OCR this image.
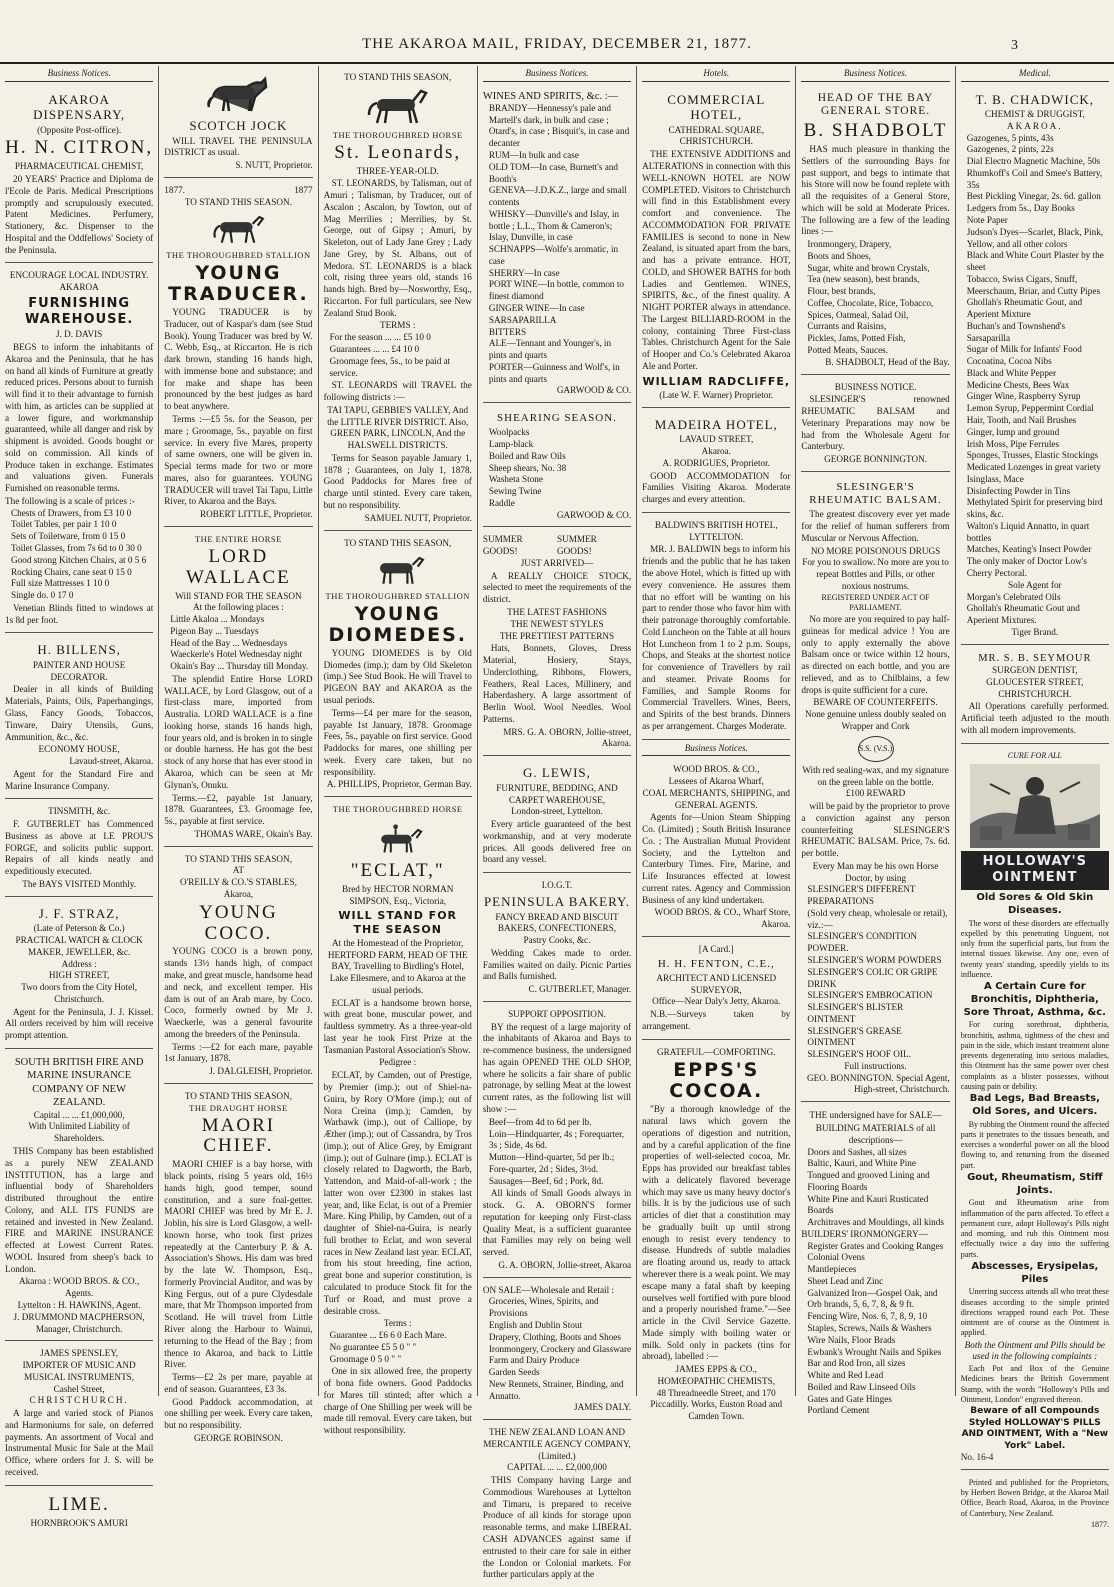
THE AKAROA MAIL, FRIDAY, DECEMBER 21, 1877.	3
Business Notices.
AKAROA DISPENSARY,
(Opposite Post-office).
H. N. CITRON,
PHARMACEUTICAL CHEMIST,

20 YEARS' Practice and Diploma de l'Ecole de Paris. Medical Prescriptions promptly and scrupulously executed. Patent Medicines. Perfumery, Stationery, &c. Dispenser to the Hospital and the Oddfellows' Society of the Peninsula.

ENCOURAGE LOCAL INDUSTRY.
AKAROA
FURNISHING WAREHOUSE.
J. D. DAVIS

BEGS to inform the inhabitants of Akaroa and the Peninsula, that he has on hand all kinds of Furniture at greatly reduced prices. Persons about to furnish will find it to their advantage to furnish with him, as articles can be supplied at a lower figure, and workmanship guaranteed, while all danger and risk by shipment is avoided. Goods bought or sold on commission. All kinds of Produce taken in exchange. Estimates and valuations given. Funerals Furnished on reasonable terms.

The following is a scale of prices :-

Chests of Drawers, from £3 10 0
Toilet Tables, per pair 1 10 0
Sets of Toiletware, from 0 15 0
Toilet Glasses, from 7s 6d to 0 30 0
Good strong Kitchen Chairs, at 0 5 6
Rocking Chairs, cane seat 0 15 0
Full size Mattresses 1 10 0
Single do. 0 17 0

Venetian Blinds fitted to windows at 1s 8d per foot.

H. BILLENS,
PAINTER AND HOUSE DECORATOR.

Dealer in all kinds of Building Materials, Paints, Oils, Paperhangings, Glass, Fancy Goods, Tobaccos, Tinware, Dairy Utensils, Guns, Ammunition, &c., &c.

ECONOMY HOUSE,
Lavaud-street, Akaroa.

Agent for the Standard Fire and Marine Insurance Company.

TINSMITH, &c.

F. GUTBERLET has Commenced Business as above at LE PROU'S FORGE, and solicits public support. Repairs of all kinds neatly and expeditiously executed.

The BAYS VISITED Monthly.
J. F. STRAZ,
(Late of Peterson & Co.)
PRACTICAL WATCH & CLOCK MAKER, JEWELLER, &c.
Address :
HIGH STREET,
Two doors from the City Hotel, Christchurch.

Agent for the Peninsula, J. J. Kissel. All orders received by him will receive prompt attention.

SOUTH BRITISH FIRE AND MARINE INSURANCE COMPANY OF NEW ZEALAND.
Capital ... ... £1,000,000,
With Unlimited Liability of Shareholders.

THIS Company has been established as a purely NEW ZEALAND INSTITUTION, has a large and influential body of Shareholders distributed throughout the entire Colony, and ALL ITS FUNDS are retained and invested in New Zealand. FIRE and MARINE INSURANCE effected at Lowest Current Rates. WOOL Insured from sheep's back to London.

Akaroa : WOOD BROS. & CO., Agents.
Lyttelton : H. HAWKINS, Agent.
J. DRUMMOND MACPHERSON, Manager, Christchurch.
JAMES SPENSLEY,
IMPORTER OF MUSIC AND MUSICAL INSTRUMENTS,
Cashel Street,
CHRISTCHURCH.

A large and varied stock of Pianos and Harmoniums for sale, on deferred payments. An assortment of Vocal and Instrumental Music for Sale at the Mail Office, where orders for J. S. will be received.

LIME.
HORNBROOK'S AMURI
SCOTCH JOCK

WILL TRAVEL THE PENINSULA DISTRICT as usual.

S. NUTT, Proprietor.
1877.	1877
TO STAND THIS SEASON.
THE THOROUGHBRED STALLION
YOUNG TRADUCER.

YOUNG TRADUCER is by Traducer, out of Kaspar's dam (see Stud Book). Young Traducer was bred by W. C. Webb, Esq., at Riccarton. He is rich dark brown, standing 16 hands high, with immense bone and substance; and for make and shape has been pronounced by the best judges as hard to beat anywhere.

Terms :—£5 5s. for the Season, per mare ; Groomage, 5s., payable on first service. In every five Mares, property of same owners, one will be given in. Special terms made for two or more mares, also for guarantees. YOUNG TRADUCER will travel Tai Tapu, Little River, to Akaroa and the Bays.

ROBERT LITTLE, Proprietor.
THE ENTIRE HORSE
LORD WALLACE
Will STAND FOR THE SEASON
At the following places :
Little Akaloa ... Mondays
Pigeon Bay ... Tuesdays
Head of the Bay ... Wednesdays
Waeckerle's Hotel Wednesday night
Okain's Bay ... Thursday till Monday.

The splendid Entire Horse LORD WALLACE, by Lord Glasgow, out of a first-class mare, imported from Australia. LORD WALLACE is a fine looking horse, stands 16 hands high, four years old, and is broken in to single or double harness. He has got the best stock of any horse that has ever stood in Akaroa, which can be seen at Mr Glynan's, Onuku.

Terms.—£2, payable 1st January, 1878. Guarantees, £3. Groomage fee, 5s., payable at first service.

THOMAS WARE, Okain's Bay.
TO STAND THIS SEASON,
AT
O'REILLY & CO.'S STABLES,
Akaroa,
YOUNG COCO.

YOUNG COCO is a brown pony, stands 13½ hands high, of compact make, and great muscle, handsome head and neck, and excellent temper. His dam is out of an Arab mare, by Coco. Coco, formerly owned by Mr J. Waeckerle, was a general favourite among the breeders of the Peninsula.

Terms :—£2 for each mare, payable 1st January, 1878.

J. DALGLEISH, Proprietor.
TO STAND THIS SEASON,
THE DRAUGHT HORSE
MAORI CHIEF.

MAORI CHIEF is a bay horse, with black points, rising 5 years old, 16½ hands high, good temper, sound constitution, and a sure foal-getter. MAORI CHIEF was bred by Mr E. J. Joblin, his sire is Lord Glasgow, a well-known horse, who took first prizes repeatedly at the Canterbury P. & A. Association's Shows. His dam was bred by the late W. Thompson, Esq., formerly Provincial Auditor, and was by King Fergus, out of a pure Clydesdale mare, that Mr Thompson imported from Scotland. He will travel from Little River along the Harbour to Wainui, returning to the Head of the Bay ; from thence to Akaroa, and back to Little River.

Terms—£2 2s per mare, payable at end of season. Guarantees, £3 3s.

Good Paddock accommodation, at one shilling per week. Every care taken, but no responsibility.

GEORGE ROBINSON.
TO STAND THIS SEASON,
THE THOROUGHBRED HORSE
St. Leonards,
THREE-YEAR-OLD.

ST. LEONARDS, by Talisman, out of Amuri ; Talisman, by Traducer, out of Ascalon ; Ascalon, by Towton, out of Mag Merrilies ; Merrilies, by St. George, out of Gipsy ; Amuri, by Skeleton, out of Lady Jane Grey ; Lady Jane Grey, by St. Albans, out of Medora. ST. LEONARDS is a black colt, rising three years old, stands 16 hands high. Bred by—Nosworthy, Esq., Riccarton. For full particulars, see New Zealand Stud Book.

TERMS :
For the season ... ... £5 10 0
Guarantees ... ... £4 10 0
Groomage fees, 5s., to be paid at service.

ST. LEONARDS will TRAVEL the following districts :—

TAI TAPU, GEBBIE'S VALLEY, And the LITTLE RIVER DISTRICT. Also, GREEN PARK, LINCOLN, And the HALSWELL DISTRICTS.

Terms for Season payable January 1, 1878 ; Guarantees, on July 1, 1878. Good Paddocks for Mares free of charge until stinted. Every care taken, but no responsibility.

SAMUEL NUTT, Proprietor.
TO STAND THIS SEASON,
THE THOROUGHBRED STALLION
YOUNG DIOMEDES.

YOUNG DIOMEDES is by Old Diomedes (imp.); dam by Old Skeleton (imp.) See Stud Book. He will Travel to PIGEON BAY and AKAROA as the usual periods.

Terms—£4 per mare for the season, payable 1st January, 1878. Groomage Fees, 5s., payable on first service. Good Paddocks for mares, one shilling per week. Every care taken, but no responsibility.

A. PHILLIPS, Proprietor, German Bay.
THE THOROUGHBRED HORSE
"ECLAT,"
Bred by HECTOR NORMAN SIMPSON, Esq., Victoria,
WILL STAND FOR THE SEASON
At the Homestead of the Proprietor, HERTFORD FARM, HEAD OF THE BAY, Travelling to Birdling's Hotel, Lake Ellesmere, and to Akaroa at the usual periods.

ECLAT is a handsome brown horse, with great bone, muscular power, and faultless symmetry. As a three-year-old last year he took First Prize at the Tasmanian Pastoral Association's Show.

Pedigree :

ECLAT, by Camden, out of Prestige, by Premier (imp.); out of Shiel-na-Guira, by Rory O'More (imp.); out of Nora Creina (imp.); Camden, by Warhawk (imp.), out of Calliope, by Æther (imp.); out of Cassandra, by Tros (imp.); out of Alice Grey, by Emigrant (imp.); out of Gulnare (imp.). ECLAT is closely related to Dagworth, the Barb, Yattendon, and Maid-of-all-work ; the latter won over £2300 in stakes last year, and, like Eclat, is out of a Premier Mare. King Philip, by Camden, out of a daughter of Shiel-na-Guira, is nearly full brother to Eclat, and won several races in New Zealand last year. ECLAT, from his stout breeding, fine action, great bone and superior constitution, is calculated to produce Stock fit for the Turf or Road, and must prove a desirable cross.

Terms :
Guarantee ... £6 6 0 Each Mare.
No guarantee £5 5 0 " "
Groomage 0 5 0 " "

One in six allowed free, the property of bona fide owners. Good Paddocks for Mares till stinted; after which a charge of One Shilling per week will be made till removal. Every care taken, but without responsibility.

Business Notices.
WINES AND SPIRITS, &c. :—
BRANDY—Hennessy's pale and Martell's dark, in bulk and case ; Otard's, in case ; Bisquit's, in case and decanter
RUM—In bulk and case
OLD TOM—In case, Burnett's and Booth's
GENEVA—J.D.K.Z., large and small contents
WHISKY—Dunville's and Islay, in bottle ; L.L., Thom & Cameron's; Islay, Dunville, in case
SCHNAPPS—Wolfe's aromatic, in case
SHERRY—In case
PORT WINE—In bottle, common to finest diamond
GINGER WINE—In case
SARSAPARILLA
BITTERS
ALE—Tennant and Younger's, in pints and quarts
PORTER—Guinness and Wolf's, in pints and quarts
GARWOOD & CO.
SHEARING SEASON.
Woolpacks
Lamp-black
Boiled and Raw Oils
Sheep shears, No. 38
Washeta Stone
Sewing Twine
Raddle
GARWOOD & CO.
SUMMER GOODS!
SUMMER GOODS!
JUST ARRIVED—

A REALLY CHOICE STOCK, selected to meet the requirements of the district.

THE LATEST FASHIONS
THE NEWEST STYLES
THE PRETTIEST PATTERNS

Hats, Bonnets, Gloves, Dress Material, Hosiery, Stays, Underclothing, Ribbons, Flowers, Feathers, Real Laces, Millinery, and Haberdashery. A large assortment of Berlin Wool. Wool Needles. Wool Patterns.

MRS. G. A. OBORN, Jollie-street, Akaroa.
G. LEWIS,
FURNITURE, BEDDING, AND CARPET WAREHOUSE,
London-street, Lyttelton.

Every article guaranteed of the best workmanship, and at very moderate prices. All goods delivered free on board any vessel.

I.O.G.T.
PENINSULA BAKERY.
FANCY BREAD AND BISCUIT BAKERS, CONFECTIONERS,
Pastry Cooks, &c.

Wedding Cakes made to order. Families waited on daily. Picnic Parties and Balls furnished.

C. GUTBERLET, Manager.
SUPPORT OPPOSITION.

BY the request of a large majority of the inhabitants of Akaroa and Bays to re-commence business, the undersigned has again OPENED THE OLD SHOP, where he solicits a fair share of public patronage, by selling Meat at the lowest current rates, as the following list will show :—

Beef—from 4d to 6d per lb.
Loin—Hindquarter, 4s ; Forequarter, 3s ; Side, 4s 6d.
Mutton—Hind-quarter, 5d per lb.; Fore-quarter, 2d ; Sides, 3½d.
Sausages—Beef, 6d ; Pork, 8d.

All kinds of Small Goods always in stock. G. A. OBORN'S former reputation for keeping only First-class Quality Meat, is a sufficient guarantee that Families may rely on being well served.

G. A. OBORN, Jollie-street, Akaroa
ON SALE—Wholesale and Retail :
Groceries, Wines, Spirits, and Provisions
English and Dublin Stout
Drapery, Clothing, Boots and Shoes
Ironmongery, Crockery and Glassware
Farm and Dairy Produce
Garden Seeds
New Rennets, Strainer, Binding, and Annatto.
JAMES DALY.
THE NEW ZEALAND LOAN AND MERCANTILE AGENCY COMPANY,
(Limited.)
CAPITAL ... ... £2,000,000

THIS Company having Large and Commodious Warehouses at Lyttelton and Timaru, is prepared to receive Produce of all kinds for storage upon reasonable terms, and make LIBERAL CASH ADVANCES against same if entrusted to their care for sale in either the London or Colonial markets. For further particulars apply at the

Hotels.
COMMERCIAL HOTEL,
CATHEDRAL SQUARE,
CHRISTCHURCH.

THE EXTENSIVE ADDITIONS and ALTERATIONS in connection with this WELL-KNOWN HOTEL are NOW COMPLETED. Visitors to Christchurch will find in this Establishment every comfort and convenience. The ACCOMMODATION FOR PRIVATE FAMILIES is second to none in New Zealand, is situated apart from the bars, and has a private entrance. HOT, COLD, and SHOWER BATHS for both Ladies and Gentlemen. WINES, SPIRITS, &c., of the finest quality. A NIGHT PORTER always in attendance. The Largest BILLIARD-ROOM in the colony, containing Three First-class Tables. Christchurch Agent for the Sale of Hooper and Co.'s Celebrated Akaroa Ale and Porter.

WILLIAM RADCLIFFE,
(Late W. F. Warner) Proprietor.
MADEIRA HOTEL,
LAVAUD STREET,
Akaroa.
A. RODRIGUES, Proprietor.

GOOD ACCOMMODATION for Families Visiting Akaroa. Moderate charges and every attention.

BALDWIN'S BRITISH HOTEL,
LYTTELTON.

MR. J. BALDWIN begs to inform his friends and the public that he has taken the above Hotel, which is fitted up with every convenience. He assures them that no effort will be wanting on his part to render those who favor him with their patronage thoroughly comfortable. Cold Luncheon on the Table at all hours Hot Luncheon from 1 to 2 p.m. Soups, Chops, and Steaks at the shortest notice for convenience of Travellers by rail and steamer. Private Rooms for Families, and Sample Rooms for Commercial Travellers. Wines, Beers, and Spirits of the best brands. Dinners as per arrangement. Charges Moderate.

Business Notices.
WOOD BROS. & CO.,
Lessees of Akaroa Wharf,
COAL MERCHANTS, SHIPPING, and GENERAL AGENTS.

Agents for—Union Steam Shipping Co. (Limited) ; South British Insurance Co. ; The Australian Mutual Provident Society, and the Lyttelton and Canterbury Times. Fire, Marine, and Life Insurances effected at lowest current rates. Agency and Commission Business of any kind undertaken.

WOOD BROS. & CO., Wharf Store, Akaroa.
[A Card.]
H. H. FENTON, C.E.,
ARCHITECT AND LICENSED SURVEYOR,
Office—Near Daly's Jetty, Akaroa.

N.B.—Surveys taken by arrangement.

GRATEFUL—COMFORTING.
EPPS'S COCOA.

"By a thorough knowledge of the natural laws which govern the operations of digestion and nutrition, and by a careful application of the fine properties of well-selected cocoa, Mr. Epps has provided our breakfast tables with a delicately flavored beverage which may save us many heavy doctor's bills. It is by the judicious use of such articles of diet that a constitution may be gradually built up until strong enough to resist every tendency to disease. Hundreds of subtle maladies are floating around us, ready to attack wherever there is a weak point. We may escape many a fatal shaft by keeping ourselves well fortified with pure blood and a properly nourished frame."—See article in the Civil Service Gazette. Made simply with boiling water or milk. Sold only in packets (tins for abroad), labelled :—

JAMES EPPS & CO.,
HOMŒOPATHIC CHEMISTS,
48 Threadneedle Street, and 170 Piccadilly. Works, Euston Road and Camden Town.
Business Notices.
HEAD OF THE BAY GENERAL STORE.
B. SHADBOLT

HAS much pleasure in thanking the Settlers of the surrounding Bays for past support, and begs to intimate that his Store will now be found replete with all the requisites of a General Store, which will be sold at Moderate Prices. The following are a few of the leading lines :—

Ironmongery, Drapery,
Boots and Shoes,
Sugar, white and brown Crystals,
Tea (new season), best brands,
Flour, best brands,
Coffee, Chocolate, Rice, Tobacco,
Spices, Oatmeal, Salad Oil,
Currants and Raisins,
Pickles, Jams, Potted Fish,
Potted Meats, Sauces.
B. SHADBOLT, Head of the Bay.
BUSINESS NOTICE.

SLESINGER'S renowned RHEUMATIC BALSAM and Veterinary Preparations may now be had from the Wholesale Agent for Canterbury.

GEORGE BONNINGTON.
SLESINGER'S RHEUMATIC BALSAM.

The greatest discovery ever yet made for the relief of human sufferers from Muscular or Nervous Affection.

NO MORE POISONOUS DRUGS
For you to swallow. No more are you to repeat Bottles and Pills, or other noxious nostrums.
REGISTERED UNDER ACT OF PARLIAMENT.

No more are you required to pay half-guineas for medical advice ! You are only to apply externally the above Balsam once or twice within 12 hours, as directed on each bottle, and you are relieved, and as to Chilblains, a few drops is quite sufficient for a cure.

BEWARE OF COUNTERFEITS.
None genuine unless doubly sealed on Wrapper and Cork
S.S. (V.S.)
With red sealing-wax, and my signature on the green lable on the bottle.
£100 REWARD

will be paid by the proprietor to prove a conviction against any person counterfeiting SLESINGER'S RHEUMATIC BALSAM. Price, 7s. 6d. per bottle.

Every Man may be his own Horse Doctor, by using
SLESINGER'S DIFFERENT PREPARATIONS
(Sold very cheap, wholesale or retail), viz.:—
SLESINGER'S CONDITION POWDER.
SLESINGER'S WORM POWDERS
SLESINGER'S COLIC OR GRIPE DRINK
SLESINGER'S EMBROCATION
SLESINGER'S BLISTER OINTMENT
SLESINGER'S GREASE OINTMENT
SLESINGER'S HOOF OIL.
Full instructions.
GEO. BONNINGTON. Special Agent, High-street, Christchurch.

THE undersigned have for SALE—

BUILDING MATERIALS of all descriptions—
Doors and Sashes, all sizes
Baltic, Kauri, and White Pine
Tongued and grooved Lining and Flooring Boards
White Pine and Kauri Rusticated Boards
Architraves and Mouldings, all kinds
BUILDERS' IRONMONGERY—
Register Grates and Cooking Ranges
Colonial Ovens
Mantlepieces
Sheet Lead and Zinc
Galvanized Iron—Gospel Oak, and Orb brands, 5, 6, 7, 8, & 9 ft.
Fencing Wire, Nos. 6, 7, 8, 9, 10
Staples, Screws, Nails & Washers
Wire Nails, Floor Brads
Ewbank's Wrought Nails and Spikes
Bar and Rod Iron, all sizes
White and Red Lead
Boiled and Raw Linseed Oils
Gates and Gate Hinges
Portland Cement
Medical.
T. B. CHADWICK,
CHEMIST & DRUGGIST,
AKAROA.
Gazogenes, 5 pints, 43s
Gazogenes, 2 pints, 22s
Dial Electro Magnetic Machine, 50s
Rhumkoff's Coil and Smee's Battery, 35s
Best Pickling Vinegar, 2s. 6d. gallon
Ledgers from 5s., Day Books
Note Paper
Judson's Dyes—Scarlet, Black, Pink, Yellow, and all other colors
Black and White Court Plaster by the sheet
Tobacco, Swiss Cigars, Snuff, Meerschaum, Briar, and Cutty Pipes
Ghollah's Rheumatic Gout, and Aperient Mixture
Buchan's and Townshend's Sarsaparilla
Sugar of Milk for Infants' Food
Cocoatina, Cocoa Nibs
Black and White Pepper
Medicine Chests, Bees Wax
Ginger Wine, Raspberry Syrup
Lemon Syrup, Peppermint Cordial
Hair, Tooth, and Nail Brushes
Ginger, lump and ground
Irish Moss, Pipe Ferrules
Sponges, Trusses, Elastic Stockings
Medicated Lozenges in great variety
Isinglass, Mace
Disinfecting Powder in Tins
Methylated Spirit for preserving bird skins, &c.
Walton's Liquid Annatto, in quart bottles
Matches, Keating's Insect Powder
The only maker of Doctor Low's Cherry Pectoral.
Sole Agent for
Morgan's Celebrated Oils
Ghollah's Rheumatic Gout and Aperient Mixtures.
Tiger Brand.
MR. S. B. SEYMOUR
SURGEON DENTIST,
GLOUCESTER STREET,
CHRISTCHURCH.

All Operations carefully performed. Artificial teeth adjusted to the mouth with all modern improvements.

CURE FOR ALL
HOLLOWAY'S OINTMENT
Old Sores & Old Skin Diseases.

The worst of these disorders are effectually expelled by this penetrating Unguent, not only from the superficial parts, but from the internal tissues likewise. Any one, even of twenty years' standing, speedily yields to its influence.

A Certain Cure for Bronchitis, Diphtheria, Sore Throat, Asthma, &c.

For curing sorethroat, diphtheria, bronchitis, asthma, tightness of the chest and pain in the side, which instant treatment alone prevents degenerating into serious maladies, this Ointment has the same power over chest complaints as a blister possesses, without causing pain or debility.

Bad Legs, Bad Breasts, Old Sores, and Ulcers.

By rubbing the Ointment round the affected parts it penetrates to the tissues beneath, and exercises a wonderful power on all the blood flowing to, and returning from the diseased part.

Gout, Rheumatism, Stiff Joints.

Gout and Rheumatism arise from inflammation of the parts affected. To effect a permanent cure, adopt Holloway's Pills night and morning, and rub this Ointment most effectually twice a day into the suffering parts.

Abscesses, Erysipelas, Piles

Unerring success attends all who treat these diseases according to the simple printed directions wrapped round each Pot. These ointment are of course as the Ointment is applied.

Both the Ointment and Pills should be used in the following complaints :

Each Pot and Box of the Genuine Medicines bears the British Government Stamp, with the words "Holloway's Pills and Ointment, London" engraved thereon.

Beware of all Compounds Styled HOLLOWAY'S PILLS AND OINTMENT, With a "New York" Label.
No. 16-4

Printed and published for the Proprietors, by Herbert Bowen Bridge, at the Akaroa Mail Office, Beach Road, Akaroa, in the Province of Canterbury, New Zealand.

1877.
